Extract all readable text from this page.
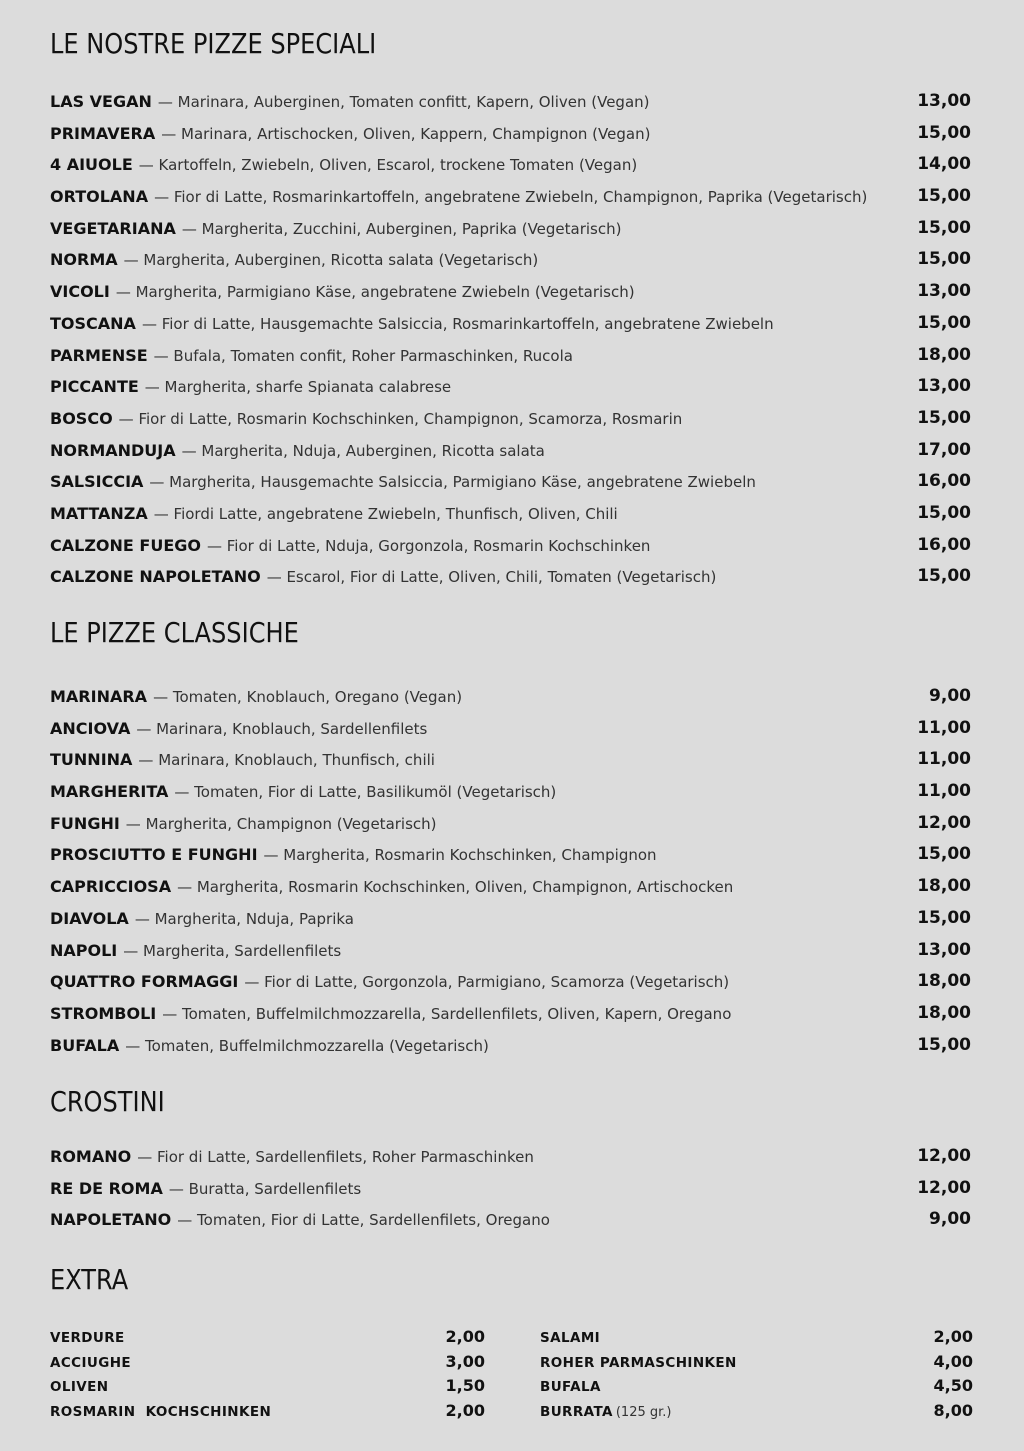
LE NOSTRE PIZZE SPECIALI
LAS VEGAN — Marinara, Auberginen, Tomaten confitt, Kapern, Oliven (Vegan)	13,00
PRIMAVERA — Marinara, Artischocken, Oliven, Kappern, Champignon (Vegan)	15,00
4 AIUOLE — Kartoffeln, Zwiebeln, Oliven, Escarol, trockene Tomaten (Vegan)	14,00
ORTOLANA — Fior di Latte, Rosmarinkartoffeln, angebratene Zwiebeln, Champignon, Paprika (Vegetarisch)	15,00
VEGETARIANA — Margherita, Zucchini, Auberginen, Paprika (Vegetarisch)	15,00
NORMA — Margherita, Auberginen, Ricotta salata (Vegetarisch)	15,00
VICOLI — Margherita, Parmigiano Käse, angebratene Zwiebeln (Vegetarisch)	13,00
TOSCANA — Fior di Latte, Hausgemachte Salsiccia, Rosmarinkartoffeln, angebratene Zwiebeln	15,00
PARMENSE — Bufala, Tomaten confit, Roher Parmaschinken, Rucola	18,00
PICCANTE — Margherita, sharfe Spianata calabrese	13,00
BOSCO — Fior di Latte, Rosmarin Kochschinken, Champignon, Scamorza, Rosmarin	15,00
NORMANDUJA — Margherita, Nduja, Auberginen, Ricotta salata	17,00
SALSICCIA — Margherita, Hausgemachte Salsiccia, Parmigiano Käse, angebratene Zwiebeln	16,00
MATTANZA — Fiordi Latte, angebratene Zwiebeln, Thunfisch, Oliven, Chili	15,00
CALZONE FUEGO — Fior di Latte, Nduja, Gorgonzola, Rosmarin Kochschinken	16,00
CALZONE NAPOLETANO — Escarol, Fior di Latte, Oliven, Chili, Tomaten (Vegetarisch)	15,00
LE PIZZE CLASSICHE
MARINARA — Tomaten, Knoblauch, Oregano (Vegan)	9,00
ANCIOVA — Marinara, Knoblauch, Sardellenfilets	11,00
TUNNINA — Marinara, Knoblauch, Thunfisch, chili	11,00
MARGHERITA — Tomaten, Fior di Latte, Basilikumöl (Vegetarisch)	11,00
FUNGHI — Margherita, Champignon (Vegetarisch)	12,00
PROSCIUTTO E FUNGHI — Margherita, Rosmarin Kochschinken, Champignon	15,00
CAPRICCIOSA — Margherita, Rosmarin Kochschinken, Oliven, Champignon, Artischocken	18,00
DIAVOLA — Margherita, Nduja, Paprika	15,00
NAPOLI — Margherita, Sardellenfilets	13,00
QUATTRO FORMAGGI — Fior di Latte, Gorgonzola, Parmigiano, Scamorza (Vegetarisch)	18,00
STROMBOLI — Tomaten, Buffelmilchmozzarella, Sardellenfilets, Oliven, Kapern, Oregano	18,00
BUFALA — Tomaten, Buffelmilchmozzarella (Vegetarisch)	15,00
CROSTINI
ROMANO — Fior di Latte, Sardellenfilets, Roher Parmaschinken	12,00
RE DE ROMA — Buratta, Sardellenfilets	12,00
NAPOLETANO — Tomaten, Fior di Latte, Sardellenfilets, Oregano	9,00
EXTRA
VERDURE	2,00
ACCIUGHE	3,00
OLIVEN	1,50
ROSMARIN  KOCHSCHINKEN	2,00
SALAMI	2,00
ROHER PARMASCHINKEN	4,00
BUFALA	4,50
BURRATA (125 gr.)	8,00
